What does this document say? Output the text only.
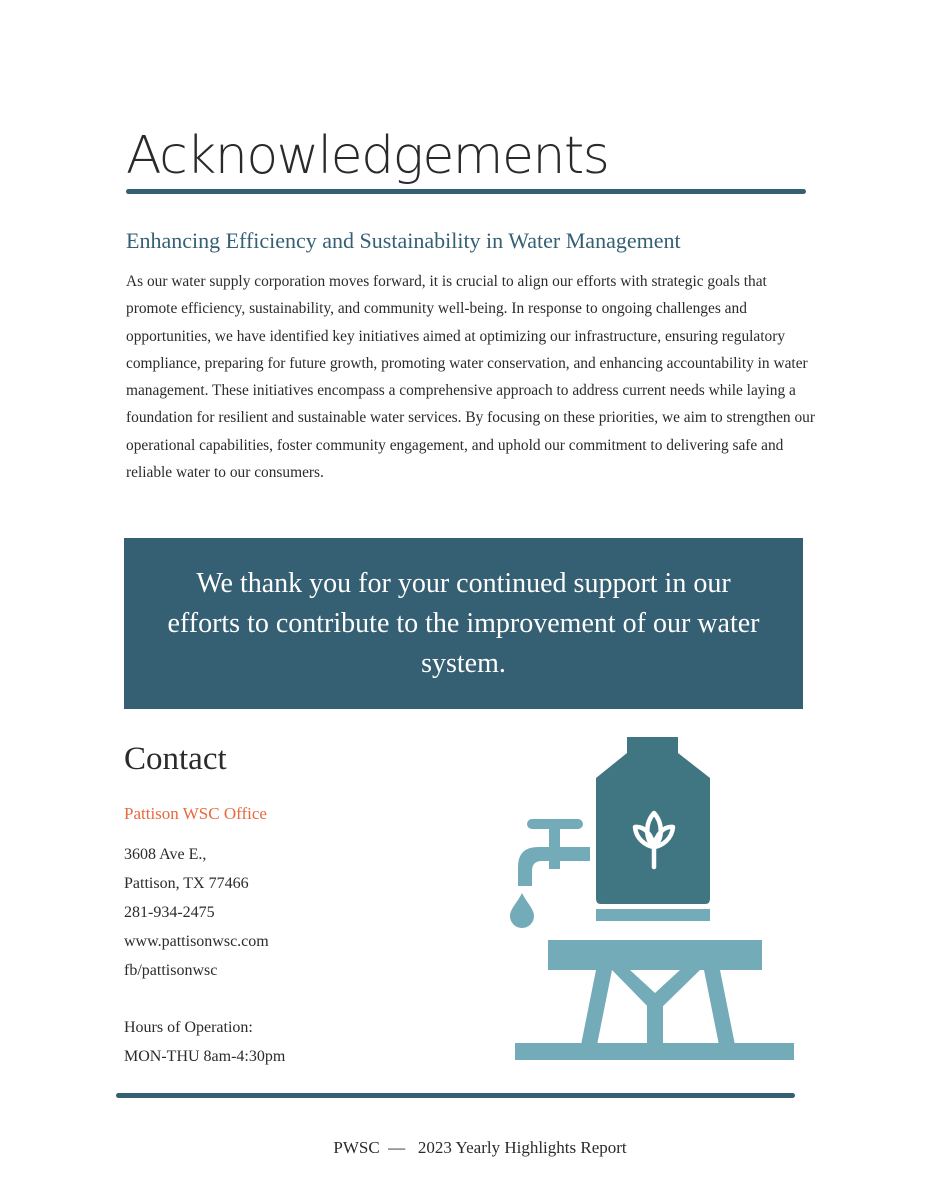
Acknowledgements
Enhancing Efficiency and Sustainability in Water Management

As our water supply corporation moves forward, it is crucial to align our efforts with strategic goals that promote efficiency, sustainability, and community well-being. In response to ongoing challenges and opportunities, we have identified key initiatives aimed at optimizing our infrastructure, ensuring regulatory compliance, preparing for future growth, promoting water conservation, and enhancing accountability in water management. These initiatives encompass a comprehensive approach to address current needs while laying a foundation for resilient and sustainable water services. By focusing on these priorities, we aim to strengthen our operational capabilities, foster community engagement, and uphold our commitment to delivering safe and reliable water to our consumers.

We thank you for your continued support in our efforts to contribute to the improvement of our water system.

Contact

Pattison WSC Office

3608 Ave E.,
Pattison, TX 77466
281-934-2475
www.pattisonwsc.com
fb/pattisonwsc
Hours of Operation:
MON-THU 8am-4:30pm

PWSC  —   2023 Yearly Highlights Report
